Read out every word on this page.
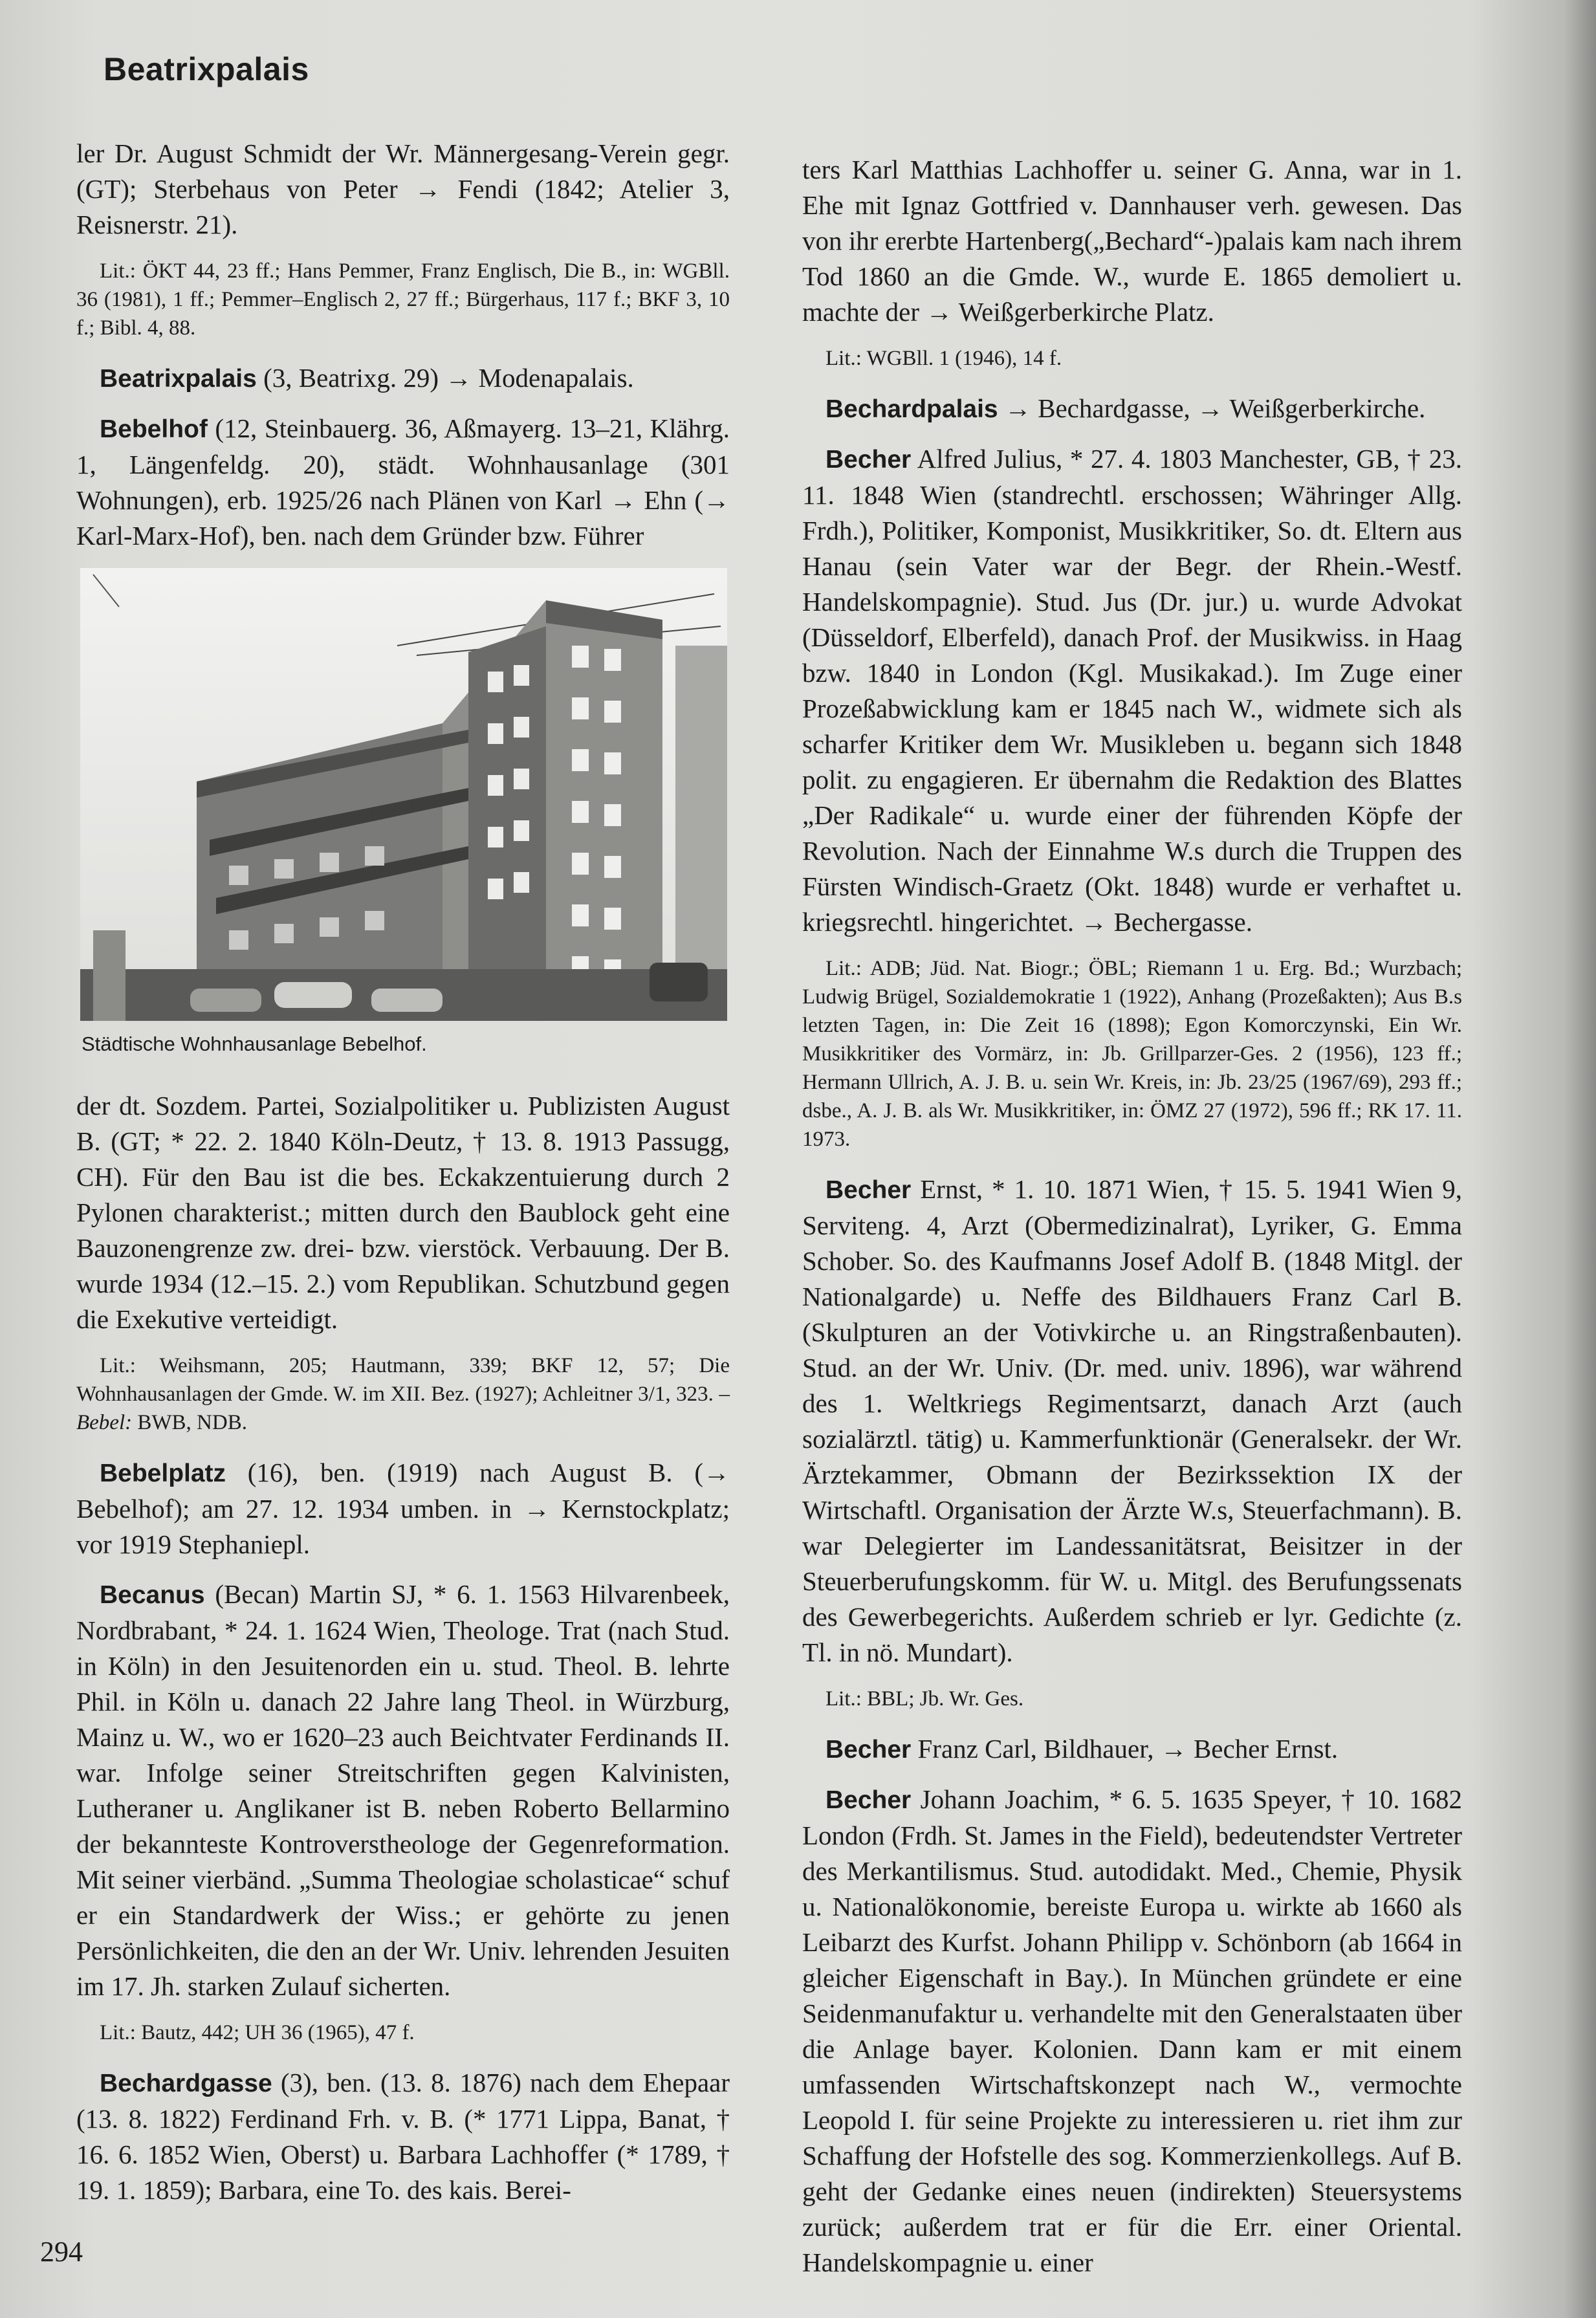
Beatrixpalais

ler Dr. August Schmidt der Wr. Männergesang-Verein gegr. (GT); Sterbehaus von Peter → Fendi (1842; Atelier 3, Reisnerstr. 21).

Lit.: ÖKT 44, 23 ff.; Hans Pemmer, Franz Englisch, Die B., in: WGBll. 36 (1981), 1 ff.; Pemmer–Englisch 2, 27 ff.; Bürgerhaus, 117 f.; BKF 3, 10 f.; Bibl. 4, 88.

Beatrixpalais (3, Beatrixg. 29) → Modenapalais.

Bebelhof (12, Steinbauerg. 36, Aßmayerg. 13–21, Klährg. 1, Längenfeldg. 20), städt. Wohnhausanlage (301 Wohnungen), erb. 1925/26 nach Plänen von Karl → Ehn (→ Karl-Marx-Hof), ben. nach dem Gründer bzw. Führer

Städtische Wohnhausanlage Bebelhof.

der dt. Sozdem. Partei, Sozialpolitiker u. Publizisten August B. (GT; * 22. 2. 1840 Köln-Deutz, † 13. 8. 1913 Passugg, CH). Für den Bau ist die bes. Eckakzentuierung durch 2 Pylonen charakterist.; mitten durch den Baublock geht eine Bauzonengrenze zw. drei- bzw. vierstöck. Verbauung. Der B. wurde 1934 (12.–15. 2.) vom Republikan. Schutzbund gegen die Exekutive verteidigt.

Lit.: Weihsmann, 205; Hautmann, 339; BKF 12, 57; Die Wohnhausanlagen der Gmde. W. im XII. Bez. (1927); Achleitner 3/1, 323. – Bebel: BWB, NDB.

Bebelplatz (16), ben. (1919) nach August B. (→ Bebelhof); am 27. 12. 1934 umben. in → Kernstockplatz; vor 1919 Stephaniepl.

Becanus (Becan) Martin SJ, * 6. 1. 1563 Hilvarenbeek, Nordbrabant, * 24. 1. 1624 Wien, Theologe. Trat (nach Stud. in Köln) in den Jesuitenorden ein u. stud. Theol. B. lehrte Phil. in Köln u. danach 22 Jahre lang Theol. in Würzburg, Mainz u. W., wo er 1620–23 auch Beichtvater Ferdinands II. war. Infolge seiner Streitschriften gegen Kalvinisten, Lutheraner u. Anglikaner ist B. neben Roberto Bellarmino der bekannteste Kontroverstheologe der Gegenreformation. Mit seiner vierbänd. „Summa Theologiae scholasticae“ schuf er ein Standardwerk der Wiss.; er gehörte zu jenen Persönlichkeiten, die den an der Wr. Univ. lehrenden Jesuiten im 17. Jh. starken Zulauf sicherten.

Lit.: Bautz, 442; UH 36 (1965), 47 f.

Bechardgasse (3), ben. (13. 8. 1876) nach dem Ehepaar (13. 8. 1822) Ferdinand Frh. v. B. (* 1771 Lippa, Banat, † 16. 6. 1852 Wien, Oberst) u. Barbara Lachhoffer (* 1789, † 19. 1. 1859); Barbara, eine To. des kais. Berei-

ters Karl Matthias Lachhoffer u. seiner G. Anna, war in 1. Ehe mit Ignaz Gottfried v. Dannhauser verh. gewesen. Das von ihr ererbte Hartenberg(„Bechard“-)palais kam nach ihrem Tod 1860 an die Gmde. W., wurde E. 1865 demoliert u. machte der → Weißgerberkirche Platz.

Lit.: WGBll. 1 (1946), 14 f.

Bechardpalais → Bechardgasse, → Weißgerberkirche.

Becher Alfred Julius, * 27. 4. 1803 Manchester, GB, † 23. 11. 1848 Wien (standrechtl. erschossen; Währinger Allg. Frdh.), Politiker, Komponist, Musikkritiker, So. dt. Eltern aus Hanau (sein Vater war der Begr. der Rhein.-Westf. Handelskompagnie). Stud. Jus (Dr. jur.) u. wurde Advokat (Düsseldorf, Elberfeld), danach Prof. der Musikwiss. in Haag bzw. 1840 in London (Kgl. Musikakad.). Im Zuge einer Prozeßabwicklung kam er 1845 nach W., widmete sich als scharfer Kritiker dem Wr. Musikleben u. begann sich 1848 polit. zu engagieren. Er übernahm die Redaktion des Blattes „Der Radikale“ u. wurde einer der führenden Köpfe der Revolution. Nach der Einnahme W.s durch die Truppen des Fürsten Windisch-Graetz (Okt. 1848) wurde er verhaftet u. kriegsrechtl. hingerichtet. → Bechergasse.

Lit.: ADB; Jüd. Nat. Biogr.; ÖBL; Riemann 1 u. Erg. Bd.; Wurzbach; Ludwig Brügel, Sozialdemokratie 1 (1922), Anhang (Prozeßakten); Aus B.s letzten Tagen, in: Die Zeit 16 (1898); Egon Komorczynski, Ein Wr. Musikkritiker des Vormärz, in: Jb. Grillparzer-Ges. 2 (1956), 123 ff.; Hermann Ullrich, A. J. B. u. sein Wr. Kreis, in: Jb. 23/25 (1967/69), 293 ff.; dsbe., A. J. B. als Wr. Musikkritiker, in: ÖMZ 27 (1972), 596 ff.; RK 17. 11. 1973.

Becher Ernst, * 1. 10. 1871 Wien, † 15. 5. 1941 Wien 9, Serviteng. 4, Arzt (Obermedizinalrat), Lyriker, G. Emma Schober. So. des Kaufmanns Josef Adolf B. (1848 Mitgl. der Nationalgarde) u. Neffe des Bildhauers Franz Carl B. (Skulpturen an der Votivkirche u. an Ringstraßenbauten). Stud. an der Wr. Univ. (Dr. med. univ. 1896), war während des 1. Weltkriegs Regimentsarzt, danach Arzt (auch sozialärztl. tätig) u. Kammerfunktionär (Generalsekr. der Wr. Ärztekammer, Obmann der Bezirkssektion IX der Wirtschaftl. Organisation der Ärzte W.s, Steuerfachmann). B. war Delegierter im Landessanitätsrat, Beisitzer in der Steuerberufungskomm. für W. u. Mitgl. des Berufungssenats des Gewerbegerichts. Außerdem schrieb er lyr. Gedichte (z. Tl. in nö. Mundart).

Lit.: BBL; Jb. Wr. Ges.

Becher Franz Carl, Bildhauer, → Becher Ernst.

Becher Johann Joachim, * 6. 5. 1635 Speyer, † 10. 1682 London (Frdh. St. James in the Field), bedeutendster Vertreter des Merkantilismus. Stud. autodidakt. Med., Chemie, Physik u. Nationalökonomie, bereiste Europa u. wirkte ab 1660 als Leibarzt des Kurfst. Johann Philipp v. Schönborn (ab 1664 in gleicher Eigenschaft in Bay.). In München gründete er eine Seidenmanufaktur u. verhandelte mit den Generalstaaten über die Anlage bayer. Kolonien. Dann kam er mit einem umfassenden Wirtschaftskonzept nach W., vermochte Leopold I. für seine Projekte zu interessieren u. riet ihm zur Schaffung der Hofstelle des sog. Kommerzienkollegs. Auf B. geht der Gedanke eines neuen (indirekten) Steuersystems zurück; außerdem trat er für die Err. einer Oriental. Handelskompagnie u. einer

294
